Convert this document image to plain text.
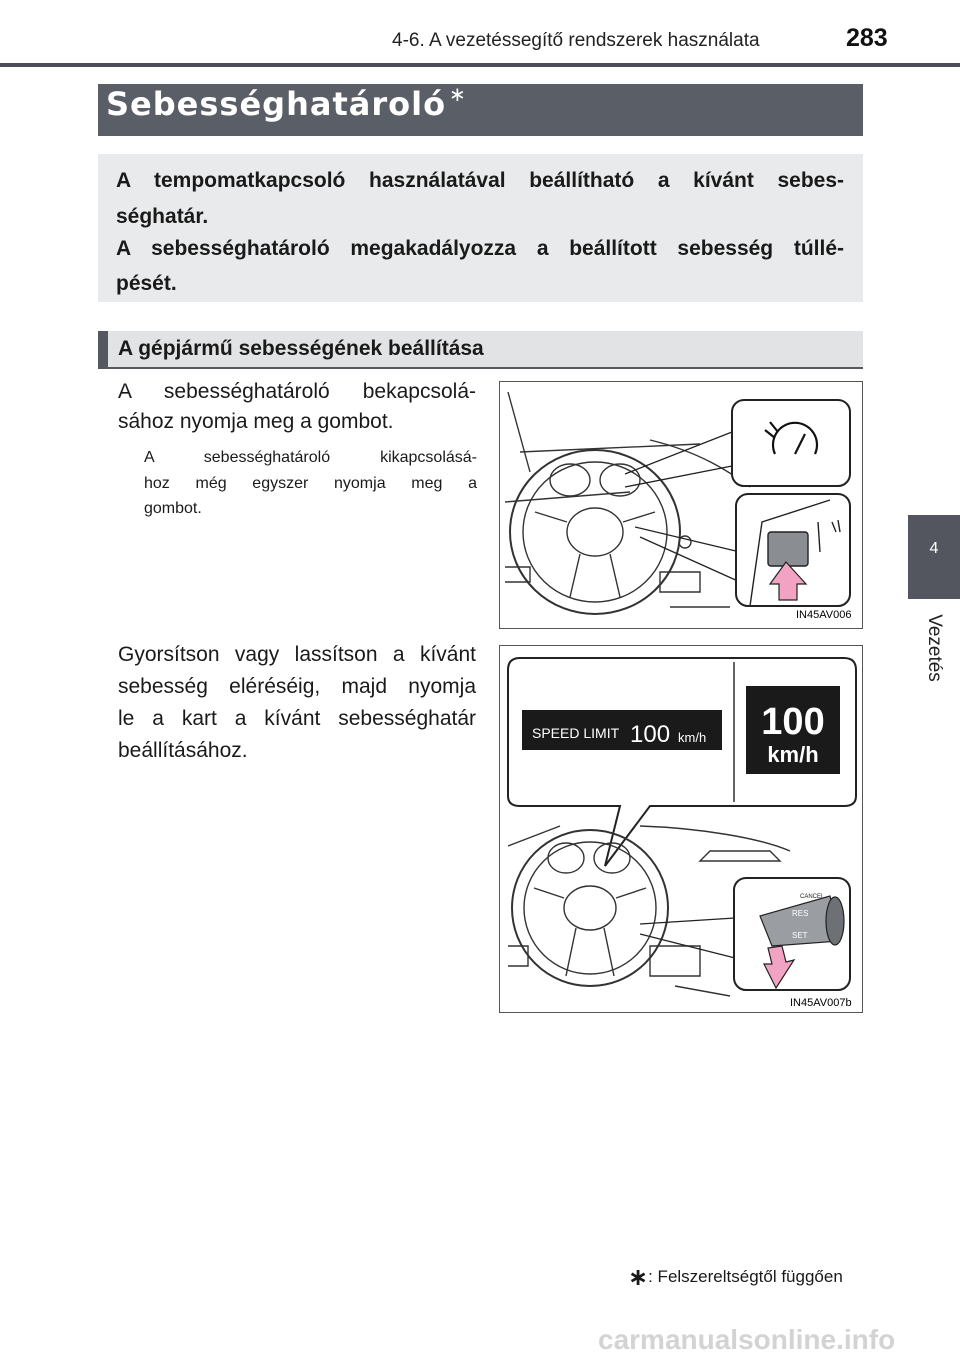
4-6. A vezetéssegítő rendszerek használata	283
4
Vezetés
Sebességhatároló ∗
A tempomatkapcsoló használatával beállítható a kívánt sebes-
séghatár.
A sebességhatároló megakadályozza a beállított sebesség túllé-
pését.
A gépjármű sebességének beállítása
A sebességhatároló bekapcsolá-
sához nyomja meg a gombot.
A sebességhatároló kikapcsolásá-
hoz még egyszer nyomja meg a
gombot.
Gyorsítson vagy lassítson a kívánt
sebesség eléréséig, majd nyomja
le a kart a kívánt sebességhatár
beállításához.
IN45AV006
SPEED LIMIT 100 km/h 100
km/h
RES
SET
CANCEL
IN45AV007b
∗: Felszereltségtől függően
carmanualsonline.info
